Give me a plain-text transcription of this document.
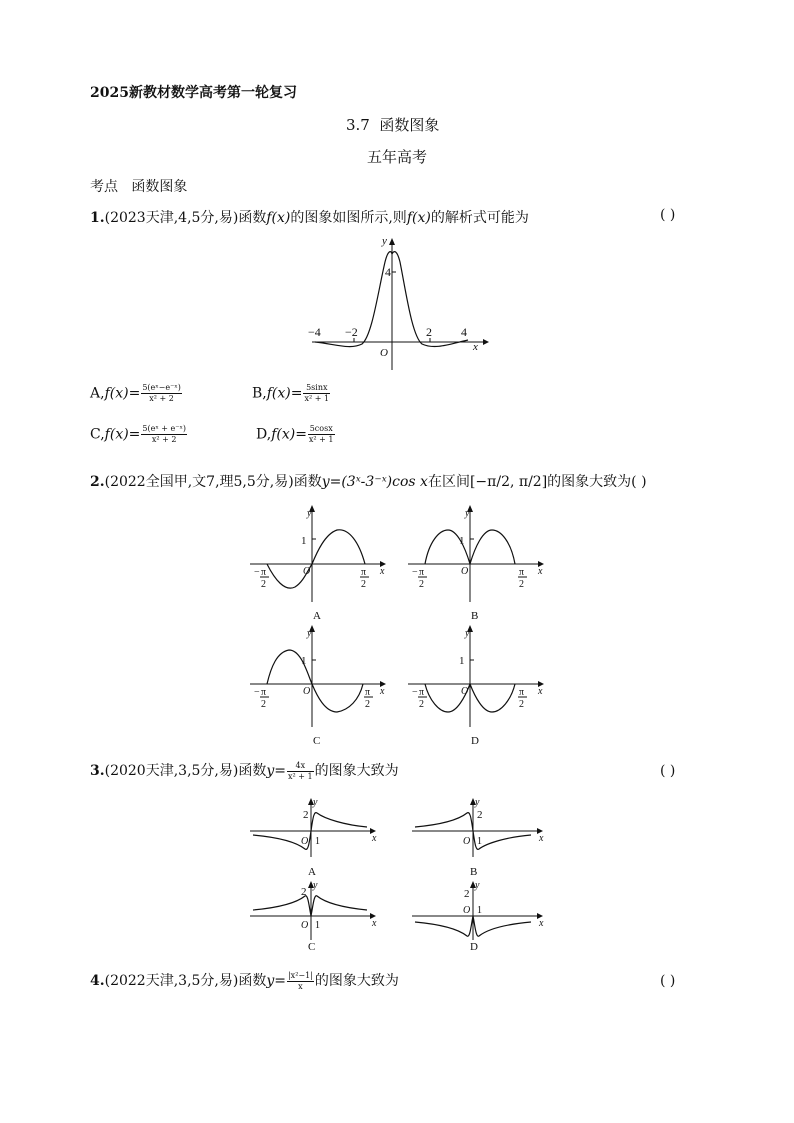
2025新教材数学高考第一轮复习
3.7 函数图象
五年高考
考点 函数图象
1.(2023天津,4,5分,易)函数f(x)的图象如图所示,则f(x)的解析式可能为	( )
−4 −2	2 4
4
y
x
O
$A,f(x)= \frac{\text{5(eˣ−e⁻ˣ)}}{\text{x² + 2}}$	$B,f(x)= \frac{5\sin x}{\text{x² + 1}}$
$C,f(x)= \frac{\text{5(eˣ + e⁻ˣ)}}{\text{x² + 2}}$	$D,f(x)= \frac{5\cos x}{\text{x² + 1}}$
2.(2022全国甲,文7,理5,5分,易)函数y=(3ˣ-3⁻ˣ)cos x在区间[−π/2, π/2]的图象大致为( )
1
y
x
O
− π
2
π
2
A
1
y
x
O
− π
2
π
2
B
1
y
x
O
− π
2
π
2
C
1
y
x
O
− π
2
π
2
D
3.(2020天津,3,5分,易)函数$y= \frac{4x}{\text{x² + 1}}$ 的图象大致为	( )
2
1
y
x
O
A
2
1
y
x
O
B
2
1
y
x
O
C
2
1
y
x
O
D
4.(2022天津,3,5分,易)函数$y= \frac{\text{|x²−1|}}{x}$ 的图象大致为	( )
